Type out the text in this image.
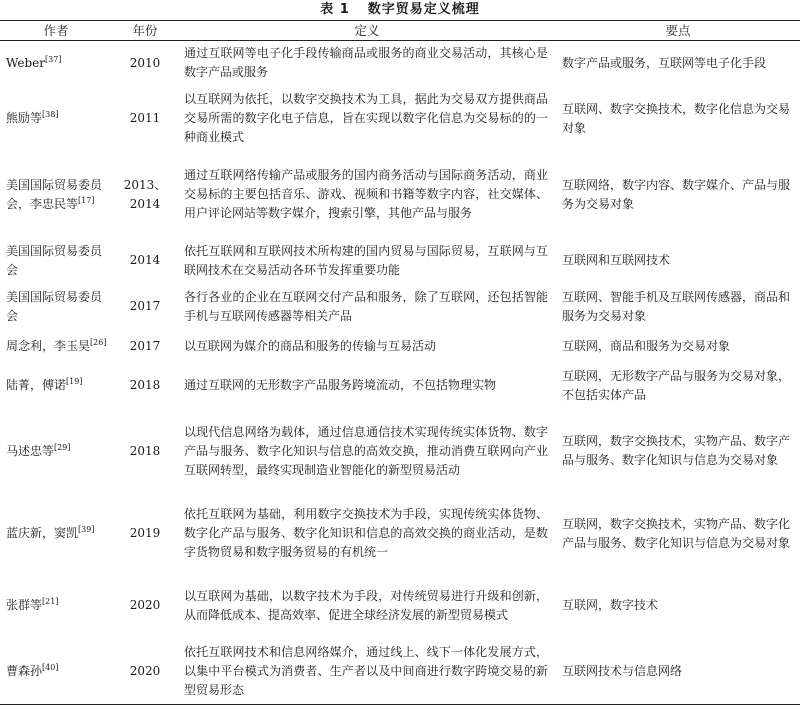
表 1 数字贸易定义梳理
作者	年份	定义	要点
Weber[37]	2010	通过互联网等电子化手段传输商品或服务的商业交易活动，其核心是数字产品或服务	数字产品或服务，互联网等电子化手段
熊励等[38]	2011	以互联网为依托，以数字交换技术为工具，据此为交易双方提供商品交易所需的数字化电子信息，旨在实现以数字化信息为交易标的的一种商业模式	互联网、数字交换技术，数字化信息为交易对象
美国国际贸易委员会，李忠民等[17]	2013、2014	通过互联网络传输产品或服务的国内商务活动与国际商务活动，商业交易标的主要包括音乐、游戏、视频和书籍等数字内容，社交媒体、用户评论网站等数字媒介，搜索引擎，其他产品与服务	互联网络，数字内容、数字媒介、产品与服务为交易对象
美国国际贸易委员会	2014	依托互联网和互联网技术所构建的国内贸易与国际贸易，互联网与互联网技术在交易活动各环节发挥重要功能	互联网和互联网技术
美国国际贸易委员会	2017	各行各业的企业在互联网交付产品和服务，除了互联网，还包括智能手机与互联网传感器等相关产品	互联网、智能手机及互联网传感器，商品和服务为交易对象
周念利，李玉昊[26]	2017	以互联网为媒介的商品和服务的传输与互易活动	互联网，商品和服务为交易对象
陆菁，傅诺[19]	2018	通过互联网的无形数字产品服务跨境流动，不包括物理实物	互联网，无形数字产品与服务为交易对象，不包括实体产品
马述忠等[29]	2018	以现代信息网络为载体，通过信息通信技术实现传统实体货物、数字产品与服务、数字化知识与信息的高效交换，推动消费互联网向产业互联网转型，最终实现制造业智能化的新型贸易活动	互联网，数字交换技术，实物产品、数字产品与服务、数字化知识与信息为交易对象
蓝庆新，窦凯[39]	2019	依托互联网为基础，利用数字交换技术为手段，实现传统实体货物、数字化产品与服务、数字化知识和信息的高效交换的商业活动，是数字货物贸易和数字服务贸易的有机统一	互联网，数字交换技术，实物产品、数字化产品与服务、数字化知识与信息为交易对象
张群等[21]	2020	以互联网为基础，以数字技术为手段，对传统贸易进行升级和创新，从而降低成本、提高效率、促进全球经济发展的新型贸易模式	互联网，数字技术
曹森孙[40]	2020	依托互联网技术和信息网络媒介，通过线上、线下一体化发展方式，以集中平台模式为消费者、生产者以及中间商进行数字跨境交易的新型贸易形态	互联网技术与信息网络
